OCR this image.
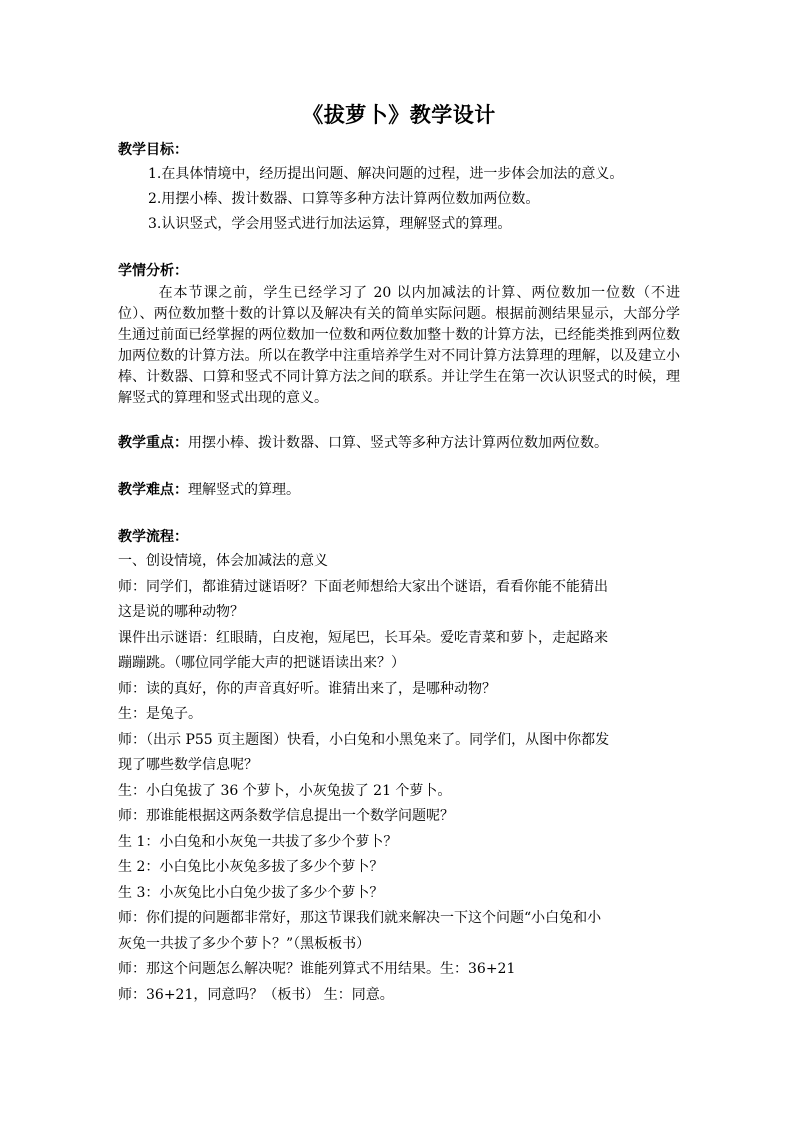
《拔萝卜》教学设计

教学目标：

1.在具体情境中，经历提出问题、解决问题的过程，进一步体会加法的意义。

2.用摆小棒、拨计数器、口算等多种方法计算两位数加两位数。

3.认识竖式，学会用竖式进行加法运算，理解竖式的算理。

学情分析：

在本节课之前，学生已经学习了 20 以内加减法的计算、两位数加一位数（不进位）、两位数加整十数的计算以及解决有关的简单实际问题。根据前测结果显示，大部分学生通过前面已经掌握的两位数加一位数和两位数加整十数的计算方法，已经能类推到两位数加两位数的计算方法。所以在教学中注重培养学生对不同计算方法算理的理解，以及建立小棒、计数器、口算和竖式不同计算方法之间的联系。并让学生在第一次认识竖式的时候，理解竖式的算理和竖式出现的意义。

教学重点：用摆小棒、拨计数器、口算、竖式等多种方法计算两位数加两位数。

教学难点：理解竖式的算理。

教学流程：

一、创设情境，体会加减法的意义

师：同学们，都谁猜过谜语呀？下面老师想给大家出个谜语，看看你能不能猜出

这是说的哪种动物？

课件出示谜语：红眼睛，白皮袍，短尾巴，长耳朵。爱吃青菜和萝卜，走起路来

蹦蹦跳。（哪位同学能大声的把谜语读出来？）

师：读的真好，你的声音真好听。谁猜出来了，是哪种动物？

生：是兔子。

师：（出示 P55 页主题图）快看，小白兔和小黑兔来了。同学们，从图中你都发

现了哪些数学信息呢？

生：小白兔拔了 36 个萝卜，小灰兔拔了 21 个萝卜。

师：那谁能根据这两条数学信息提出一个数学问题呢？

生 1：小白兔和小灰兔一共拔了多少个萝卜？

生 2：小白兔比小灰兔多拔了多少个萝卜？

生 3：小灰兔比小白兔少拔了多少个萝卜？

师：你们提的问题都非常好，那这节课我们就来解决一下这个问题“小白兔和小

灰兔一共拔了多少个萝卜？”（黑板板书）

师：那这个问题怎么解决呢？谁能列算式不用结果。生：36+21

师：36+21，同意吗？（板书） 生：同意。
